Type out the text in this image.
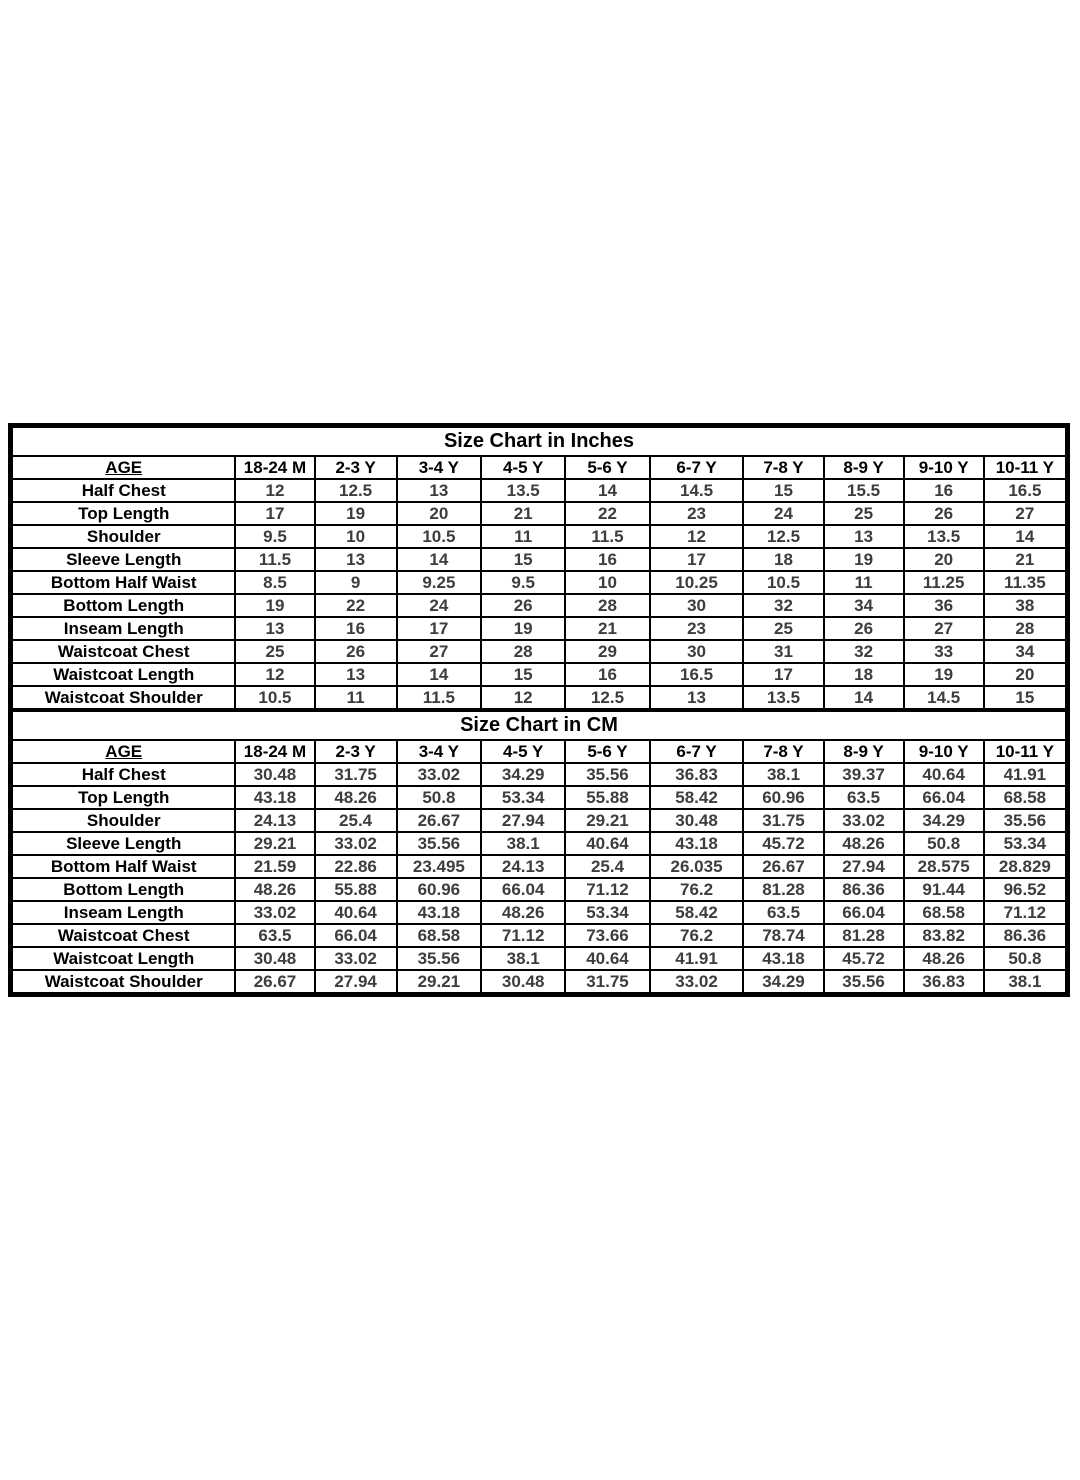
Size Chart in Inches										
AGE	18-24 M	2-3 Y	3-4 Y	4-5 Y	5-6 Y	6-7 Y	7-8 Y	8-9 Y	9-10 Y	10-11 Y
Half Chest	12	12.5	13	13.5	14	14.5	15	15.5	16	16.5
Top Length	17	19	20	21	22	23	24	25	26	27
Shoulder	9.5	10	10.5	11	11.5	12	12.5	13	13.5	14
Sleeve Length	11.5	13	14	15	16	17	18	19	20	21
Bottom Half Waist	8.5	9	9.25	9.5	10	10.25	10.5	11	11.25	11.35
Bottom Length	19	22	24	26	28	30	32	34	36	38
Inseam Length	13	16	17	19	21	23	25	26	27	28
Waistcoat Chest	25	26	27	28	29	30	31	32	33	34
Waistcoat Length	12	13	14	15	16	16.5	17	18	19	20
Waistcoat Shoulder	10.5	11	11.5	12	12.5	13	13.5	14	14.5	15
Size Chart in CM										
AGE	18-24 M	2-3 Y	3-4 Y	4-5 Y	5-6 Y	6-7 Y	7-8 Y	8-9 Y	9-10 Y	10-11 Y
Half Chest	30.48	31.75	33.02	34.29	35.56	36.83	38.1	39.37	40.64	41.91
Top Length	43.18	48.26	50.8	53.34	55.88	58.42	60.96	63.5	66.04	68.58
Shoulder	24.13	25.4	26.67	27.94	29.21	30.48	31.75	33.02	34.29	35.56
Sleeve Length	29.21	33.02	35.56	38.1	40.64	43.18	45.72	48.26	50.8	53.34
Bottom Half Waist	21.59	22.86	23.495	24.13	25.4	26.035	26.67	27.94	28.575	28.829
Bottom Length	48.26	55.88	60.96	66.04	71.12	76.2	81.28	86.36	91.44	96.52
Inseam Length	33.02	40.64	43.18	48.26	53.34	58.42	63.5	66.04	68.58	71.12
Waistcoat Chest	63.5	66.04	68.58	71.12	73.66	76.2	78.74	81.28	83.82	86.36
Waistcoat Length	30.48	33.02	35.56	38.1	40.64	41.91	43.18	45.72	48.26	50.8
Waistcoat Shoulder	26.67	27.94	29.21	30.48	31.75	33.02	34.29	35.56	36.83	38.1
